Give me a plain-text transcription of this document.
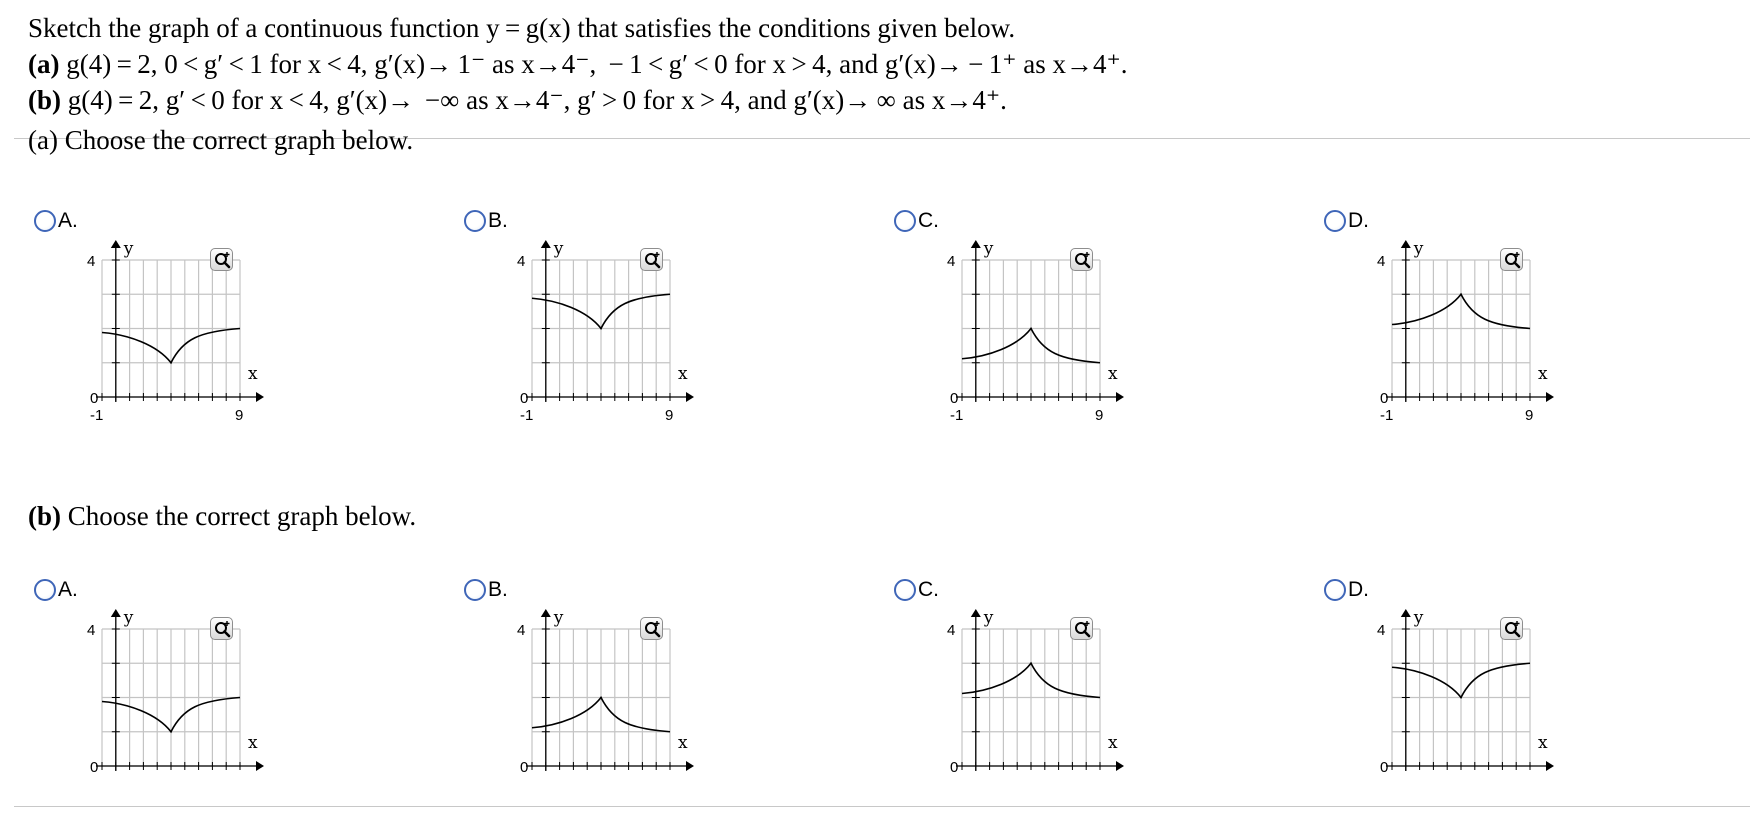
Sketch the graph of a continuous function y = g(x) that satisfies the conditions given below.
(a) g(4) = 2, 0 < g′ < 1 for x < 4, g′(x)→ 1⁻ as x→4⁻,  − 1 < g′ < 0 for x > 4, and g′(x)→ − 1⁺ as x→4⁺.
(b) g(4) = 2, g′ < 0 for x < 4, g′(x)→  −∞ as x→4⁻, g′ > 0 for x > 4, and g′(x)→ ∞ as x→4⁺.
(a) Choose the correct graph below.
(b) Choose the correct graph below.
A.
y
x
4
0
-1	9
B.
y
x
4
0
-1	9
C.
y
x
4
0
-1	9
D.
y
x
4
0
-1	9
A.
y
x
4
0
B.
y
x
4
0
C.
y
x
4
0
D.
y
x
4
0
